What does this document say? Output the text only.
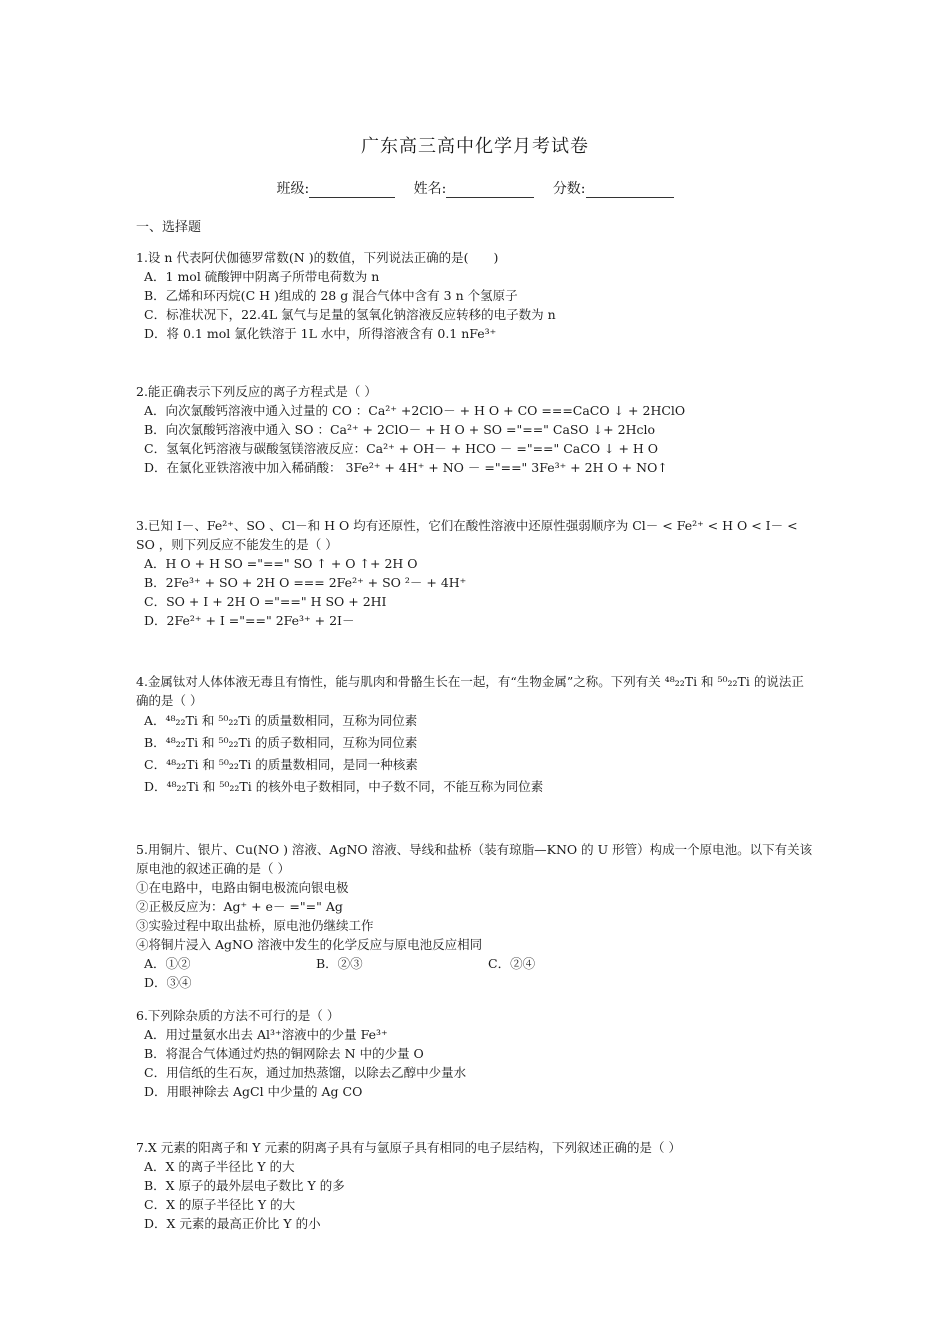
广东高三高中化学月考试卷
班级:	姓名:	分数:
一、选择题

1.设 n 代表阿伏伽德罗常数(N )的数值，下列说法正确的是(　　)

A．1 mol 硫酸钾中阴离子所带电荷数为 n

B．乙烯和环丙烷(C H )组成的 28 g 混合气体中含有 3 n 个氢原子

C．标准状况下，22.4L 氯气与足量的氢氧化钠溶液反应转移的电子数为 n

D．将 0.1 mol 氯化铁溶于 1L 水中，所得溶液含有 0.1 nFe³⁺

2.能正确表示下列反应的离子方程式是（ ）

A．向次氯酸钙溶液中通入过量的 CO ：Ca²⁺ +2ClO－ + H O + CO ===CaCO ↓ + 2HClO

B．向次氯酸钙溶液中通入 SO ：Ca²⁺ + 2ClO－ + H O + SO ="==" CaSO ↓+ 2Hclo

C．氢氧化钙溶液与碳酸氢镁溶液反应：Ca²⁺ + OH－ + HCO － ="==" CaCO ↓ + H O

D．在氯化亚铁溶液中加入稀硝酸： 3Fe²⁺ + 4H⁺ + NO － ="==" 3Fe³⁺ + 2H O + NO↑

3.已知 I－、Fe²⁺、SO 、Cl－和 H O 均有还原性，它们在酸性溶液中还原性强弱顺序为 Cl－ < Fe²⁺ < H O < I－ < SO ，则下列反应不能发生的是（ ）

A．H O + H SO ="==" SO ↑ + O ↑+ 2H O

B．2Fe³⁺ + SO + 2H O === 2Fe²⁺ + SO ²－ + 4H⁺

C．SO + I + 2H O ="==" H SO + 2HI

D．2Fe²⁺ + I ="==" 2Fe³⁺ + 2I－

4.金属钛对人体体液无毒且有惰性，能与肌肉和骨骼生长在一起，有“生物金属”之称。下列有关 ⁴⁸₂₂Ti 和 ⁵⁰₂₂Ti 的说法正确的是（ ）

A．⁴⁸₂₂Ti 和 ⁵⁰₂₂Ti 的质量数相同，互称为同位素

B．⁴⁸₂₂Ti 和 ⁵⁰₂₂Ti 的质子数相同，互称为同位素

C．⁴⁸₂₂Ti 和 ⁵⁰₂₂Ti 的质量数相同，是同一种核素

D．⁴⁸₂₂Ti 和 ⁵⁰₂₂Ti 的核外电子数相同，中子数不同，不能互称为同位素

5.用铜片、银片、Cu(NO ) 溶液、AgNO 溶液、导线和盐桥（装有琼脂—KNO 的 U 形管）构成一个原电池。以下有关该原电池的叙述正确的是（ ）

①在电路中，电路由铜电极流向银电极

②正极反应为：Ag⁺ + e－ ="=" Ag

③实验过程中取出盐桥，原电池仍继续工作

④将铜片浸入 AgNO 溶液中发生的化学反应与原电池反应相同

A．①②	B．②③	C．②④D．③④

6.下列除杂质的方法不可行的是（ ）

A．用过量氨水出去 Al³⁺溶液中的少量 Fe³⁺

B．将混合气体通过灼热的铜网除去 N 中的少量 O

C．用信纸的生石灰，通过加热蒸馏，以除去乙醇中少量水

D．用眼神除去 AgCl 中少量的 Ag CO

7.X 元素的阳离子和 Y 元素的阴离子具有与氩原子具有相同的电子层结构，下列叙述正确的是（ ）

A．X 的离子半径比 Y 的大

B．X 原子的最外层电子数比 Y 的多

C．X 的原子半径比 Y 的大

D．X 元素的最高正价比 Y 的小
